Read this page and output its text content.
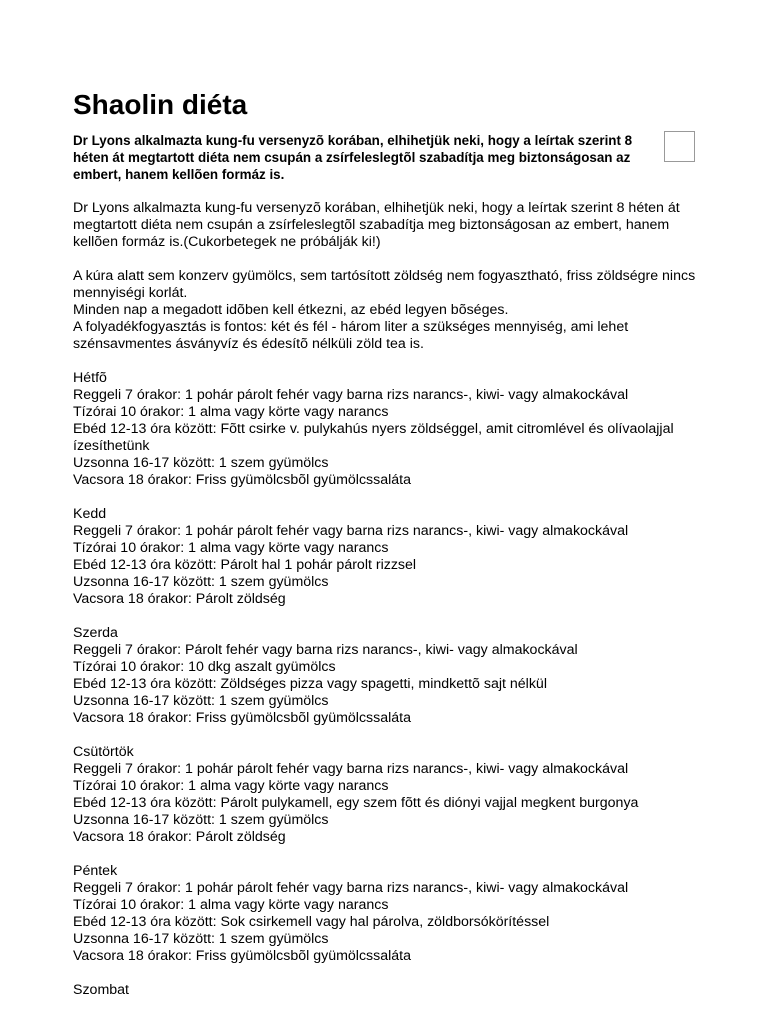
Shaolin diéta

Dr Lyons alkalmazta kung-fu versenyzõ korában, elhihetjük neki, hogy a leírtak szerint 8 héten át megtartott diéta nem csupán a zsírfeleslegtõl szabadítja meg biztonságosan az embert, hanem kellõen formáz is.

Dr Lyons alkalmazta kung-fu versenyzõ korában, elhihetjük neki, hogy a leírtak szerint 8 héten át megtartott diéta nem csupán a zsírfeleslegtõl szabadítja meg biztonságosan az embert, hanem kellõen formáz is.(Cukorbetegek ne próbálják ki!)

A kúra alatt sem konzerv gyümölcs, sem tartósított zöldség nem fogyasztható, friss zöldségre nincs mennyiségi korlát.

Minden nap a megadott idõben kell étkezni, az ebéd legyen bõséges.

A folyadékfogyasztás is fontos: két és fél - három liter a szükséges mennyiség, ami lehet szénsavmentes ásványvíz és édesítõ nélküli zöld tea is.

Hétfõ

Reggeli 7 órakor: 1 pohár párolt fehér vagy barna rizs narancs-, kiwi- vagy almakockával

Tízórai 10 órakor: 1 alma vagy körte vagy narancs

Ebéd 12-13 óra között: Fõtt csirke v. pulykahús nyers zöldséggel, amit citromlével és olívaolajjal ízesíthetünk

Uzsonna 16-17 között: 1 szem gyümölcs

Vacsora 18 órakor: Friss gyümölcsbõl gyümölcssaláta

Kedd

Reggeli 7 órakor: 1 pohár párolt fehér vagy barna rizs narancs-, kiwi- vagy almakockával

Tízórai 10 órakor: 1 alma vagy körte vagy narancs

Ebéd 12-13 óra között: Párolt hal 1 pohár párolt rizzsel

Uzsonna 16-17 között: 1 szem gyümölcs

Vacsora 18 órakor: Párolt zöldség

Szerda

Reggeli 7 órakor: Párolt fehér vagy barna rizs narancs-, kiwi- vagy almakockával

Tízórai 10 órakor: 10 dkg aszalt gyümölcs

Ebéd 12-13 óra között: Zöldséges pizza vagy spagetti, mindkettõ sajt nélkül

Uzsonna 16-17 között: 1 szem gyümölcs

Vacsora 18 órakor: Friss gyümölcsbõl gyümölcssaláta

Csütörtök

Reggeli 7 órakor: 1 pohár párolt fehér vagy barna rizs narancs-, kiwi- vagy almakockával

Tízórai 10 órakor: 1 alma vagy körte vagy narancs

Ebéd 12-13 óra között: Párolt pulykamell, egy szem fõtt és diónyi vajjal megkent burgonya

Uzsonna 16-17 között: 1 szem gyümölcs

Vacsora 18 órakor: Párolt zöldség

Péntek

Reggeli 7 órakor: 1 pohár párolt fehér vagy barna rizs narancs-, kiwi- vagy almakockával

Tízórai 10 órakor: 1 alma vagy körte vagy narancs

Ebéd 12-13 óra között: Sok csirkemell vagy hal párolva, zöldborsókörítéssel

Uzsonna 16-17 között: 1 szem gyümölcs

Vacsora 18 órakor: Friss gyümölcsbõl gyümölcssaláta

Szombat
